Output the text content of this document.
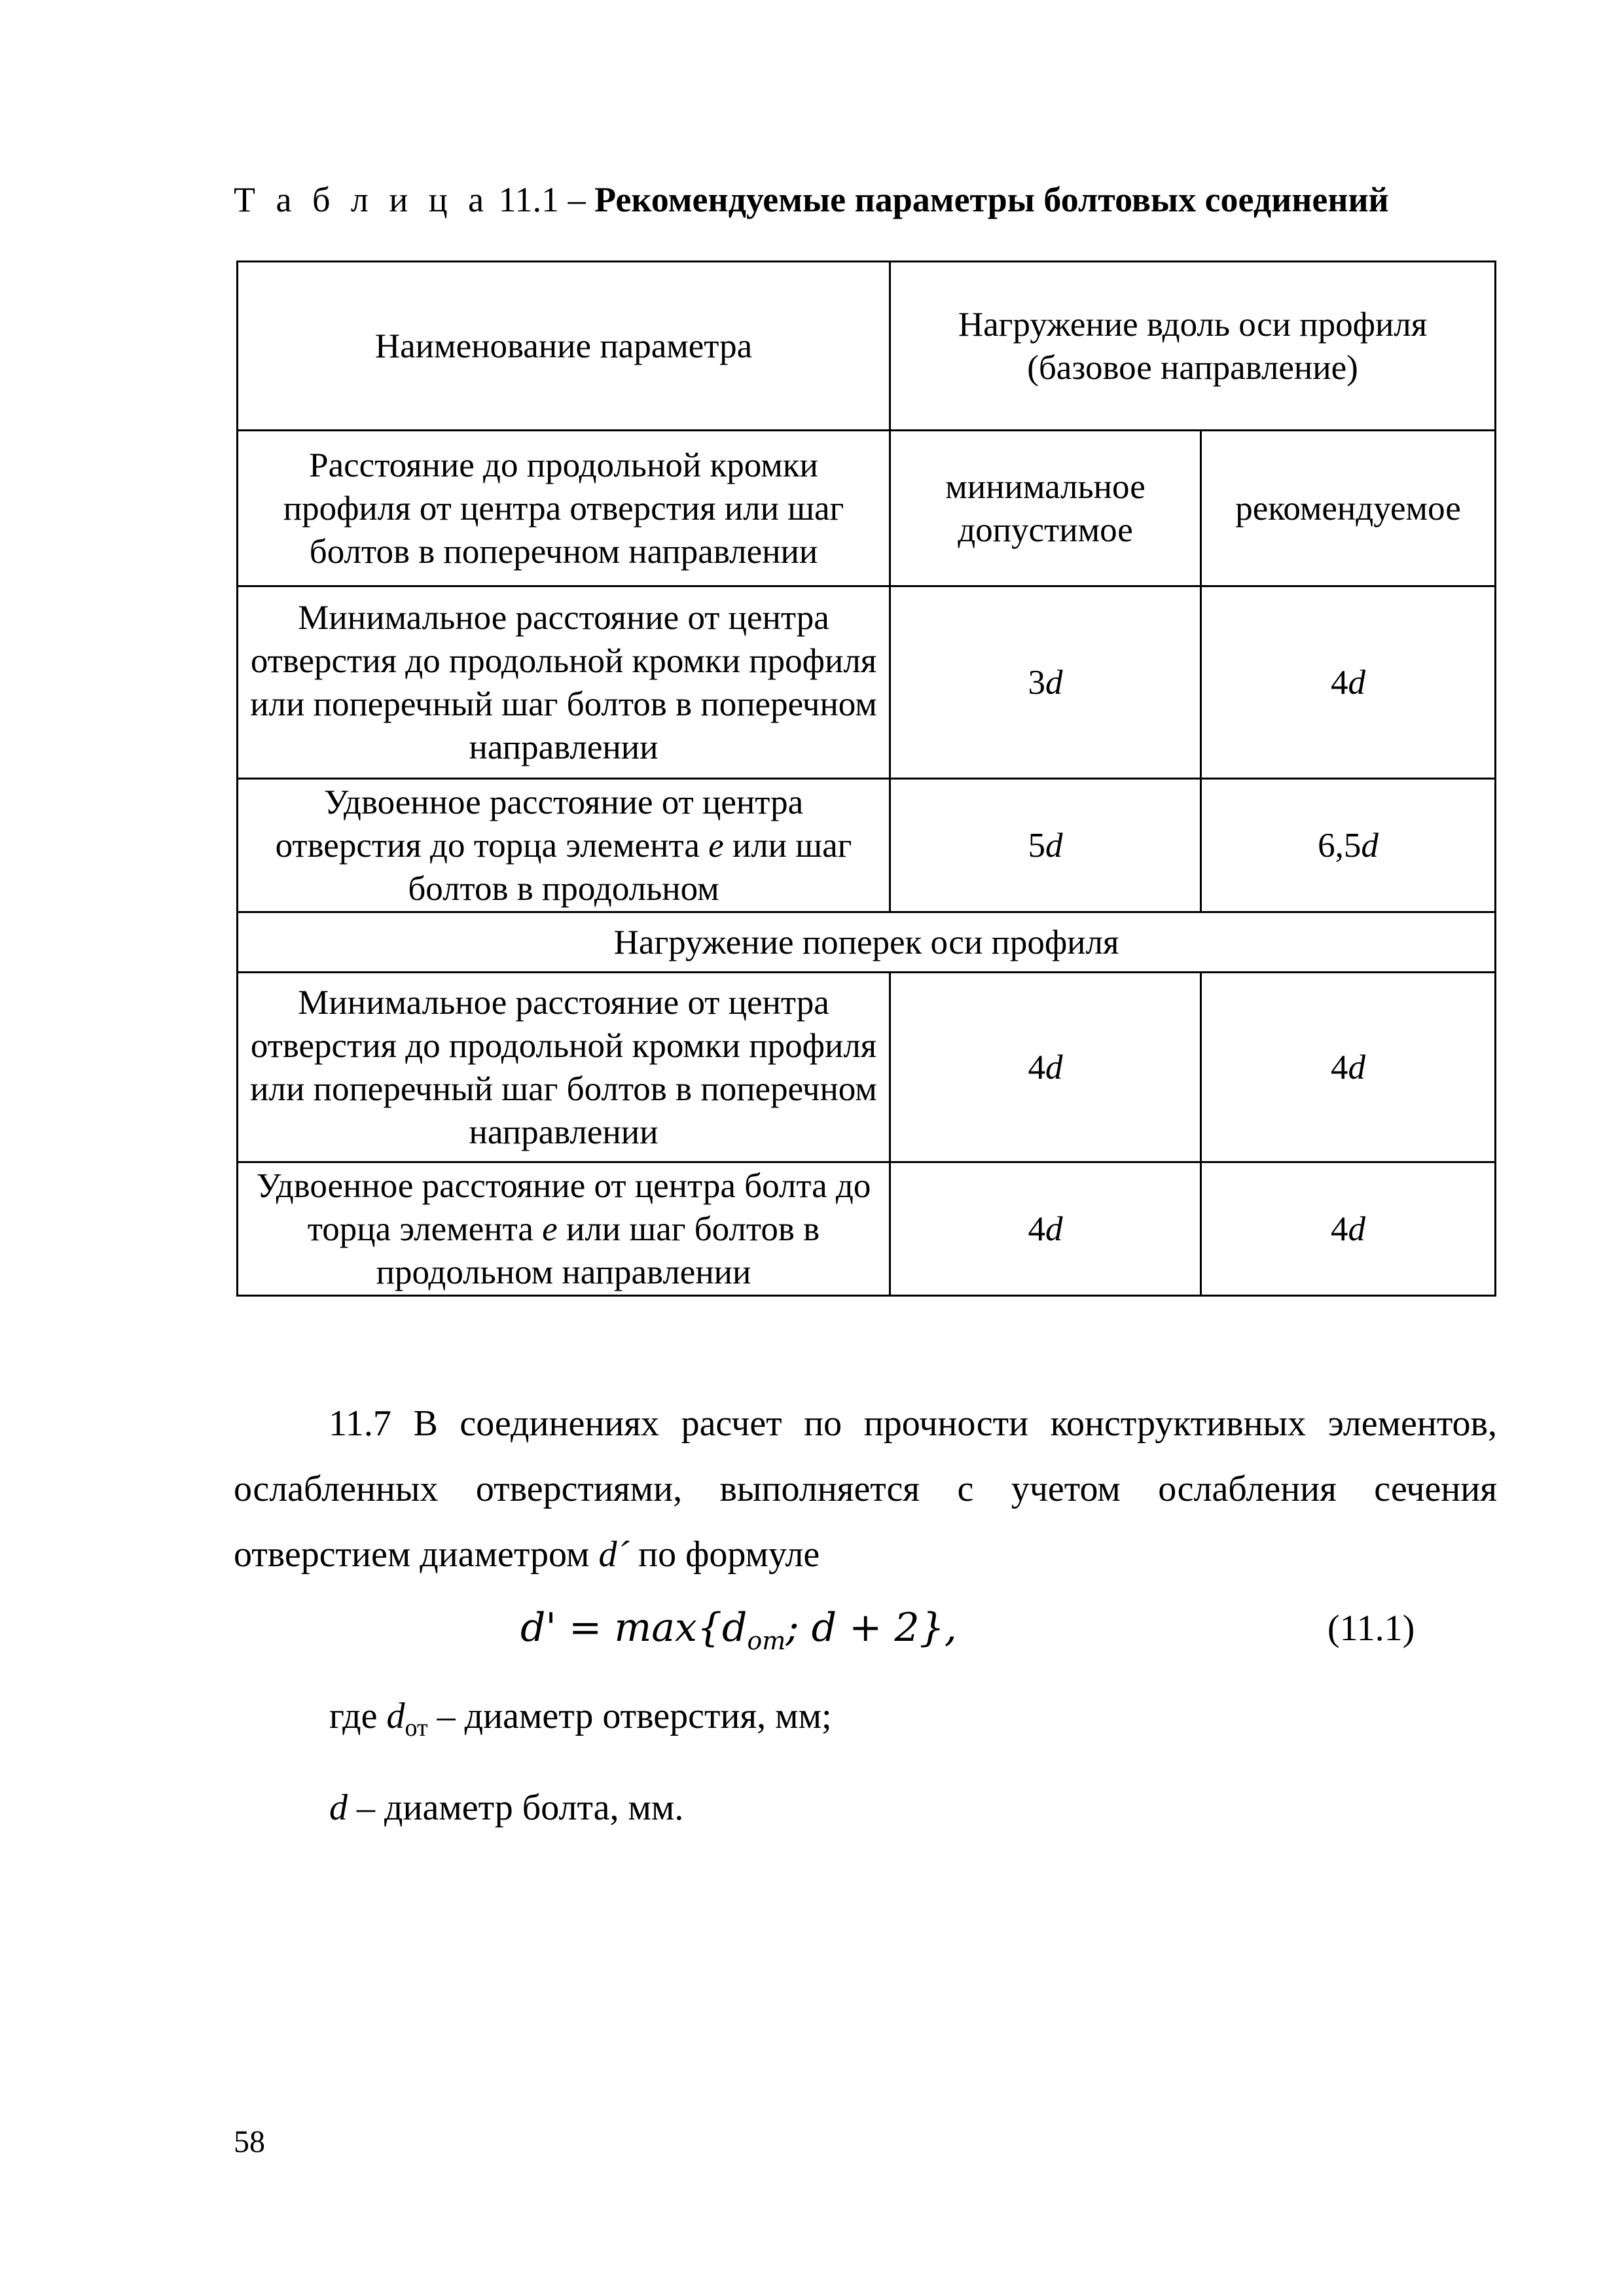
Т а б л и ц а 11.1 – Рекомендуемые параметры болтовых соединений
Наименование параметра	Нагружение вдоль оси профиля (базовое направление)	
Расстояние до продольной кромки профиля от центра отверстия или шаг болтов в поперечном направлении	минимальное допустимое	рекомендуемое
Минимальное расстояние от центра отверстия до продольной кромки профиля или поперечный шаг болтов в поперечном направлении	3d	4d
Удвоенное расстояние от центра отверстия до торца элемента e или шаг болтов в продольном	5d	6,5d
Нагружение поперек оси профиля		
Минимальное расстояние от центра отверстия до продольной кромки профиля или поперечный шаг болтов в поперечном направлении	4d	4d
Удвоенное расстояние от центра болта до торца элемента e или шаг болтов в продольном направлении	4d	4d
11.7 В соединениях расчет по прочности конструктивных элементов, ослабленных отверстиями, выполняется с учетом ослабления сечения отверстием диаметром d´ по формуле
$d' = \max\{d_{om}$; d + 2},	(11.1)
где $d_{от}$ – диаметр отверстия, мм;
d – диаметр болта, мм.
58
